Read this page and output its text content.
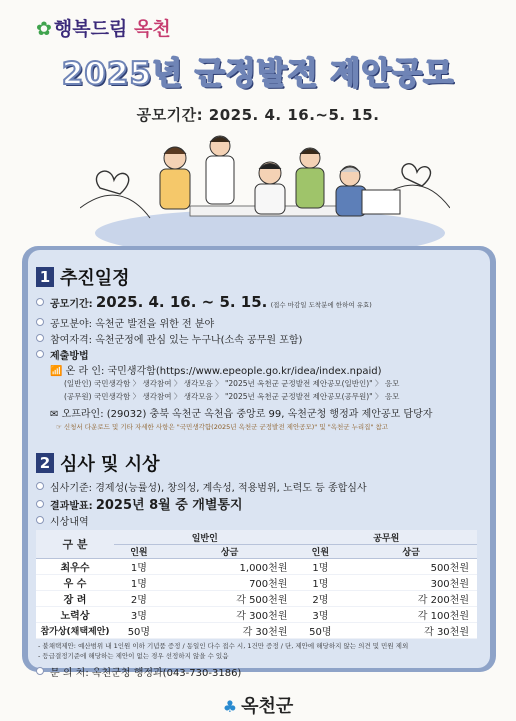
✿ 행복드림 옥천
2025년 군정발전 제안공모
공모기간: 2025. 4. 16.~5. 15.
1 추진일정
공모기간: 2025. 4. 16. ~ 5. 15. (접수 마감일 도착분에 한하여 유효)
공모분야: 옥천군 발전을 위한 전 분야
참여자격: 옥천군정에 관심 있는 누구나(소속 공무원 포함)
제출방법
📶 온 라 인: 국민생각함(https://www.epeople.go.kr/idea/index.npaid)
(일반인) 국민생각함 〉 생각참여 〉 생각모음 〉 "2025년 옥천군 군정발전 제안공모(일반인)" 〉 응모
(공무원) 국민생각함 〉 생각참여 〉 생각모음 〉 "2025년 옥천군 군정발전 제안공모(공무원)" 〉 응모
✉ 오프라인: (29032) 충북 옥천군 옥천읍 중앙로 99, 옥천군청 행정과 제안공모 담당자
☞ 신청서 다운로드 및 기타 자세한 사항은 "국민생각함(2025년 옥천군 군정발전 제안공모)" 및 "옥천군 누리집" 참고
2 심사 및 시상
심사기준: 경제성(능률성), 창의성, 계속성, 적용범위, 노력도 등 종합심사
결과발표: 2025년 8월 중 개별통지
시상내역
구 분	일반인		공무원	
	인원	상금	인원	상금
최우수	1명	1,000천원	1명	500천원
우 수	1명	700천원	1명	300천원
장 려	2명	각 500천원	2명	각 200천원
노력상	3명	각 300천원	3명	각 100천원
참가상(채택제안)	50명	각 30천원	50명	각 30천원
- 불채택제안: 예산범위 내 1인원 이하 기념품 증정 / 동일인 다수 접수 시, 1건만 증정 / 단, 제안에 해당하지 않는 의견 및 민원 제외
- 등급결정기준에 해당하는 제안이 없는 경우 선정하지 않을 수 있음
문 의 처: 옥천군청 행정과(043-730-3186)
♣ 옥천군
